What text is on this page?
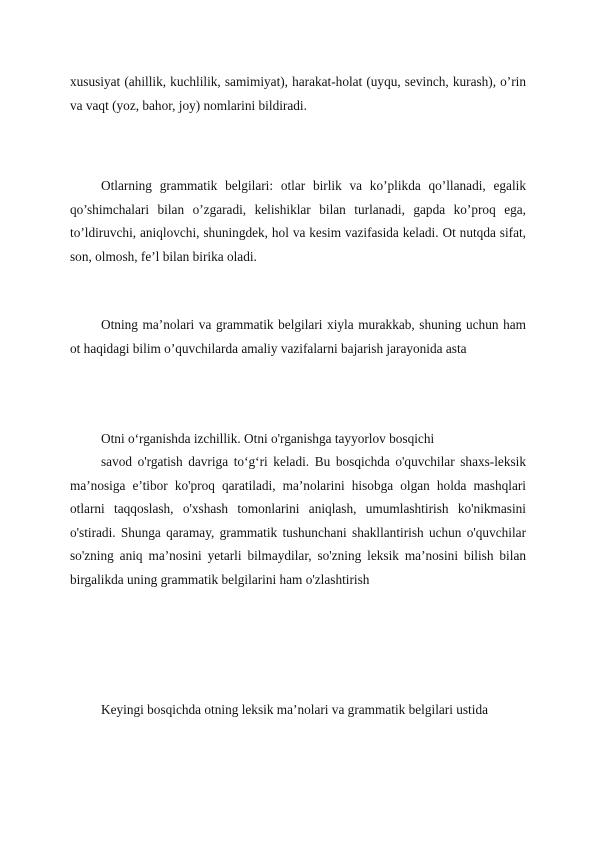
xususiyat (ahillik, kuchlilik, samimiyat), harakat-holat (uyqu, sevinch, kurash), o’rin va vaqt (yoz, bahor, joy) nomlarini bildiradi.

Otlarning grammatik belgilari: otlar birlik va ko’plikda qo’llanadi, egalik qo’shimchalari bilan o’zgaradi, kelishiklar bilan turlanadi, gapda ko’proq ega, to’ldiruvchi, aniqlovchi, shuningdek, hol va kesim vazifasida keladi. Ot nutqda sifat, son, olmosh, fe’l bilan birika oladi.

Otning ma’nolari va grammatik belgilari xiyla murakkab, shuning uchun ham ot haqidagi bilim o’quvchilarda amaliy vazifalarni bajarish jarayonida asta

Otni o‘rganishda izchillik. Otni o'rganishga tayyorlov bosqichi

savod o'rgatish davriga to‘g‘ri keladi. Bu bosqichda o'quvchilar shaxs-leksik ma’nosiga e’tibor ko'proq qaratiladi, ma’nolarini hisobga olgan holda mashqlari otlarni taqqoslash, o'xshash tomonlarini aniqlash, umumlashtirish ko'nikmasini o'stiradi. Shunga qaramay, grammatik tushunchani shakllantirish uchun o'quvchilar so'zning aniq ma’nosini yetarli bilmaydilar, so'zning leksik ma’nosini bilish bilan birgalikda uning grammatik belgilarini ham o'zlashtirish

Keyingi bosqichda otning leksik ma’nolari va grammatik belgilari ustida
